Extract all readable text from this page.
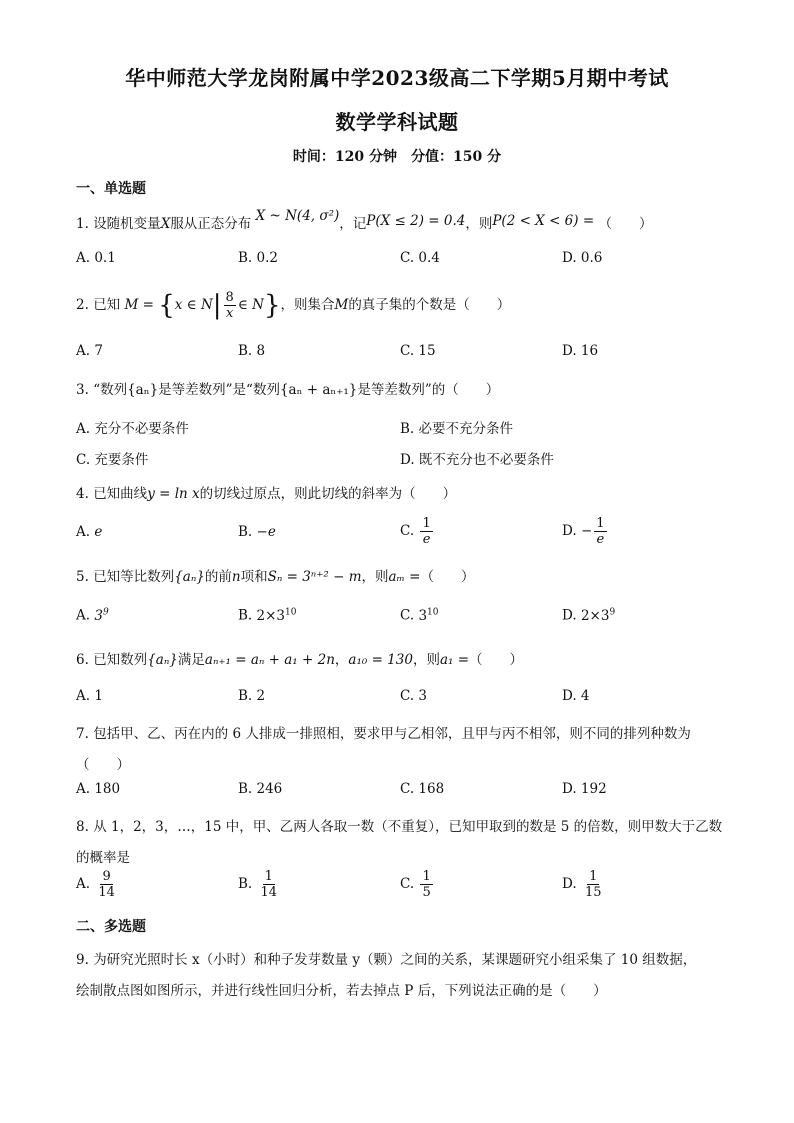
华中师范大学龙岗附属中学2023级高二下学期5月期中考试
数学学科试题
时间：120 分钟　分值：150 分
一、单选题
1. 设随机变量X服从正态分布 X ~ N(4, σ²)，记P(X ≤ 2) = 0.4，则P(2 < X < 6) = （　　）
A. 0.1	B. 0.2	C. 0.4	D. 0.6
2. 已知 M = {x ∈ $N| \frac{8}{x}$ ∈ N}，则集合M的真子集的个数是（　　）
A. 7	B. 8	C. 15	D. 16
3. “数列{aₙ}是等差数列”是“数列{aₙ + aₙ₊₁}是等差数列”的（　　）
A. 充分不必要条件	B. 必要不充分条件
C. 充要条件	D. 既不充分也不必要条件
4. 已知曲线y = ln x的切线过原点，则此切线的斜率为（　　）
A. e	B. −e	C. $\frac{1}{e}$	D. − $\frac{1}{e}$
5. 已知等比数列{aₙ}的前n项和Sₙ = 3ⁿ⁺² − m，则aₘ =（　　）
A. $3^9$	B. $2\times 3^{10}$	C. $3^{10}$	D. $2\times 3^9$
6. 已知数列{aₙ}满足aₙ₊₁ = aₙ + a₁ + 2n，a₁₀ = 130，则a₁ =（　　）
A. 1	B. 2	C. 3	D. 4
7. 包括甲、乙、丙在内的 6 人排成一排照相，要求甲与乙相邻，且甲与丙不相邻，则不同的排列种数为
（　　）
A. 180	B. 246	C. 168	D. 192
8. 从 1，2，3，…，15 中，甲、乙两人各取一数（不重复），已知甲取到的数是 5 的倍数，则甲数大于乙数
的概率是
A. $\frac{9}{14}$	B. $\frac{1}{14}$	C. $\frac{1}{5}$	D. $\frac{1}{15}$
二、多选题
9. 为研究光照时长 x（小时）和种子发芽数量 y（颗）之间的关系，某课题研究小组采集了 10 组数据，
绘制散点图如图所示，并进行线性回归分析，若去掉点 P 后，下列说法正确的是（　　）
